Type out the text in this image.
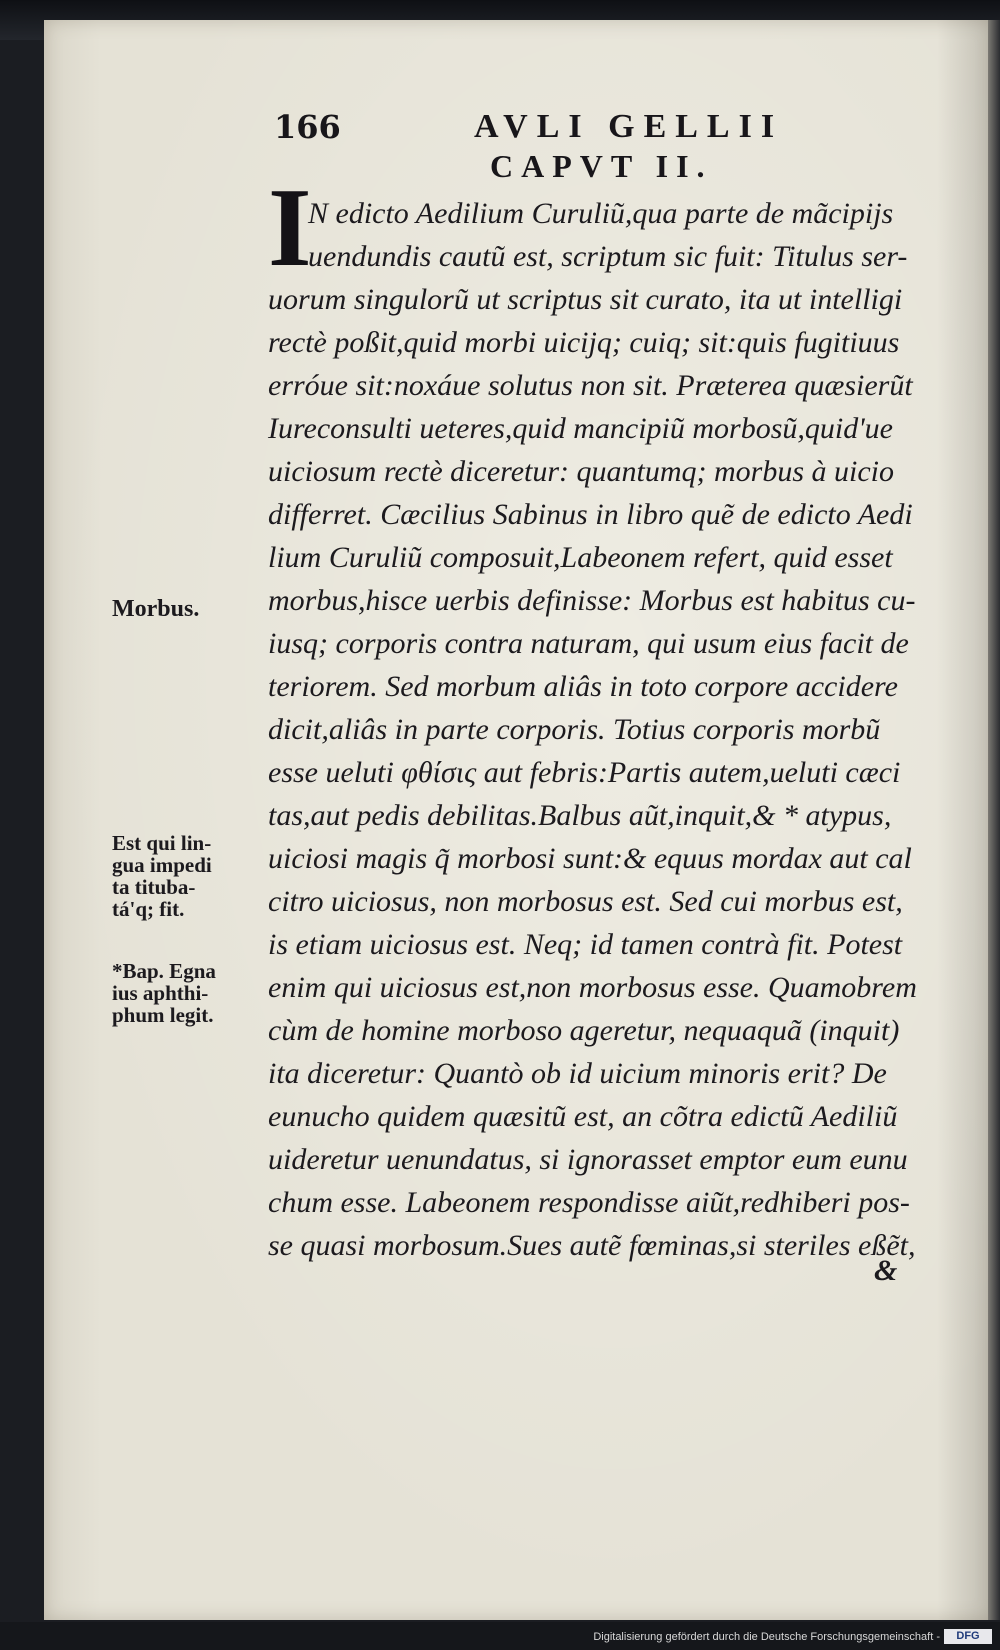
166	AVLI GELLII
CAPVT II.
I
N edicto Aedilium Curuliũ,qua parte de mãcipijs
uendundis cautũ est, scriptum sic fuit: Titulus ser-
uorum singulorũ ut scriptus sit curato, ita ut intelligi
rectè poßit,quid morbi uicijq; cuiq; sit:quis fugitiuus
erróue sit:noxáue solutus non sit. Præterea quæsierũt
Iureconsulti ueteres,quid mancipiũ morbosũ,quid'ue
uiciosum rectè diceretur: quantumq; morbus à uicio
differret. Cæcilius Sabinus in libro quẽ de edicto Aedi
lium Curuliũ composuit,Labeonem refert, quid esset
morbus,hisce uerbis definisse: Morbus est habitus cu-
iusq; corporis contra naturam, qui usum eius facit de
teriorem. Sed morbum aliâs in toto corpore accidere
dicit,aliâs in parte corporis. Totius corporis morbũ
esse ueluti φθίσις aut febris:Partis autem,ueluti cæci
tas,aut pedis debilitas.Balbus aũt,inquit,& * atypus,
uiciosi magis q̃ morbosi sunt:& equus mordax aut cal
citro uiciosus, non morbosus est. Sed cui morbus est,
is etiam uiciosus est. Neq; id tamen contrà fit. Potest
enim qui uiciosus est,non morbosus esse. Quamobrem
cùm de homine morboso ageretur, nequaquã (inquit)
ita diceretur: Quantò ob id uicium minoris erit? De
eunucho quidem quæsitũ est, an cõtra edictũ Aediliũ
uideretur uenundatus, si ignorasset emptor eum eunu
chum esse. Labeonem respondisse aiũt,redhiberi pos-
se quasi morbosum.Sues autẽ fœminas,si steriles eßẽt,
&
Morbus.
Est qui lin-
gua impedi
ta tituba-
tá'q; fit.
*Bap. Egna
ius aphthi-
phum legit.
Digitalisierung gefördert durch die Deutsche Forschungsgemeinschaft -	DFG
